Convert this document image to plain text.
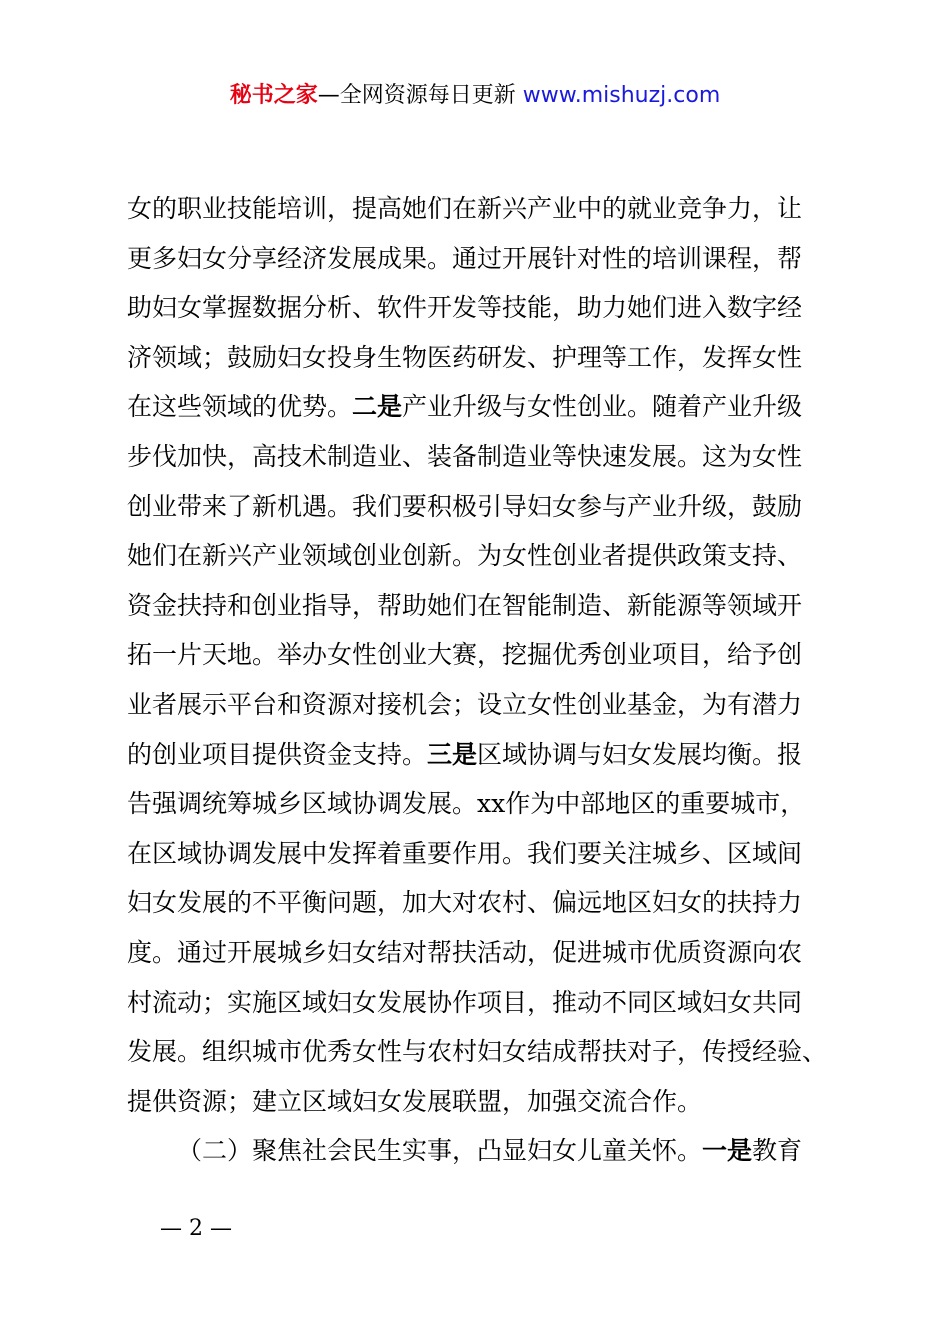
秘书之家—全网资源每日更新 www.mishuzj.com
女的职业技能培训，提高她们在新兴产业中的就业竞争力，让
更多妇女分享经济发展成果。通过开展针对性的培训课程，帮
助妇女掌握数据分析、软件开发等技能，助力她们进入数字经
济领域；鼓励妇女投身生物医药研发、护理等工作，发挥女性
在这些领域的优势。二是产业升级与女性创业。随着产业升级
步伐加快，高技术制造业、装备制造业等快速发展。这为女性
创业带来了新机遇。我们要积极引导妇女参与产业升级，鼓励
她们在新兴产业领域创业创新。为女性创业者提供政策支持、
资金扶持和创业指导，帮助她们在智能制造、新能源等领域开
拓一片天地。举办女性创业大赛，挖掘优秀创业项目，给予创
业者展示平台和资源对接机会；设立女性创业基金，为有潜力
的创业项目提供资金支持。三是区域协调与妇女发展均衡。报
告强调统筹城乡区域协调发展。xx作为中部地区的重要城市，
在区域协调发展中发挥着重要作用。我们要关注城乡、区域间
妇女发展的不平衡问题，加大对农村、偏远地区妇女的扶持力
度。通过开展城乡妇女结对帮扶活动，促进城市优质资源向农
村流动；实施区域妇女发展协作项目，推动不同区域妇女共同
发展。组织城市优秀女性与农村妇女结成帮扶对子，传授经验、
提供资源；建立区域妇女发展联盟，加强交流合作。
（二）聚焦社会民生实事，凸显妇女儿童关怀。一是教育
— 2 —
